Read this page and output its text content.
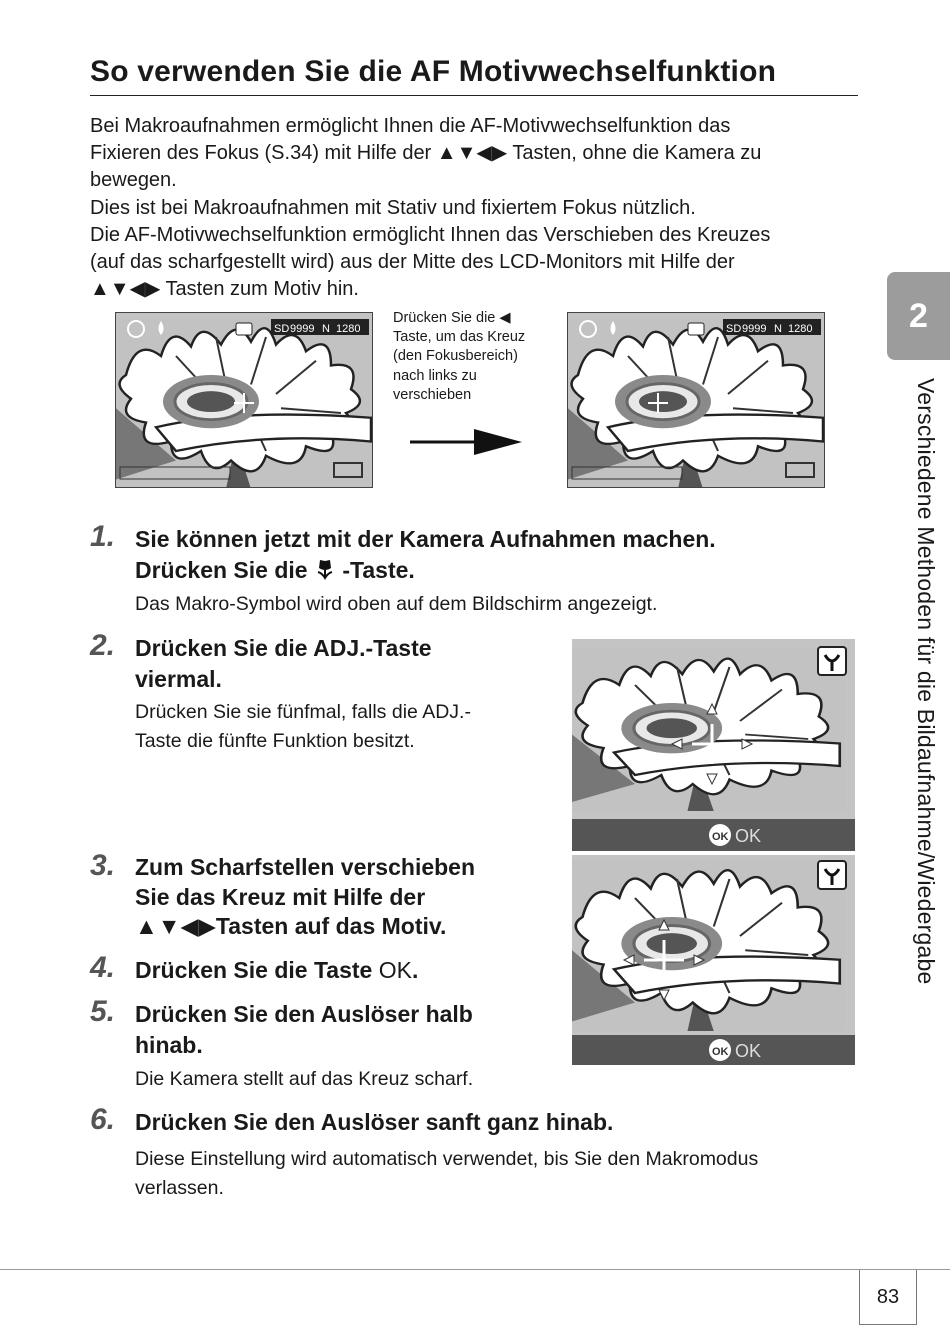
So verwenden Sie die AF Motivwechselfunktion

Bei Makroaufnahmen ermöglicht Ihnen die AF-Motivwechselfunktion das

Fixieren des Fokus (S.34) mit Hilfe der ▲▼◀▶ Tasten, ohne die Kamera zu

bewegen.

Dies ist bei Makroaufnahmen mit Stativ und fixiertem Fokus nützlich.

Die AF-Motivwechselfunktion ermöglicht Ihnen das Verschieben des Kreuzes

(auf das scharfgestellt wird) aus der Mitte des LCD-Monitors mit Hilfe der

▲▼◀▶ Tasten zum Motiv hin.

SD 9999 N 1280
Drücken Sie die ◀
Taste, um das Kreuz
(den Fokusbereich)
nach links zu
verschieben
SD 9999 N 1280
1. Sie können jetzt mit der Kamera Aufnahmen machen.
Drücken Sie die -Taste.
Das Makro-Symbol wird oben auf dem Bildschirm angezeigt.
2. Drücken Sie die ADJ.-Taste
viermal.
Drücken Sie sie fünfmal, falls die ADJ.-
Taste die fünfte Funktion besitzt.
OK OK
3. Zum Scharfstellen verschieben
Sie das Kreuz mit Hilfe der
▲▼◀▶Tasten auf das Motiv.
OK OK
4. Drücken Sie die Taste OK.
5. Drücken Sie den Auslöser halb
hinab.
Die Kamera stellt auf das Kreuz scharf.
6. Drücken Sie den Auslöser sanft ganz hinab.
Diese Einstellung wird automatisch verwendet, bis Sie den Makromodus
verlassen.
2
Verschiedene Methoden für die Bildaufnahme/Wiedergabe
83
